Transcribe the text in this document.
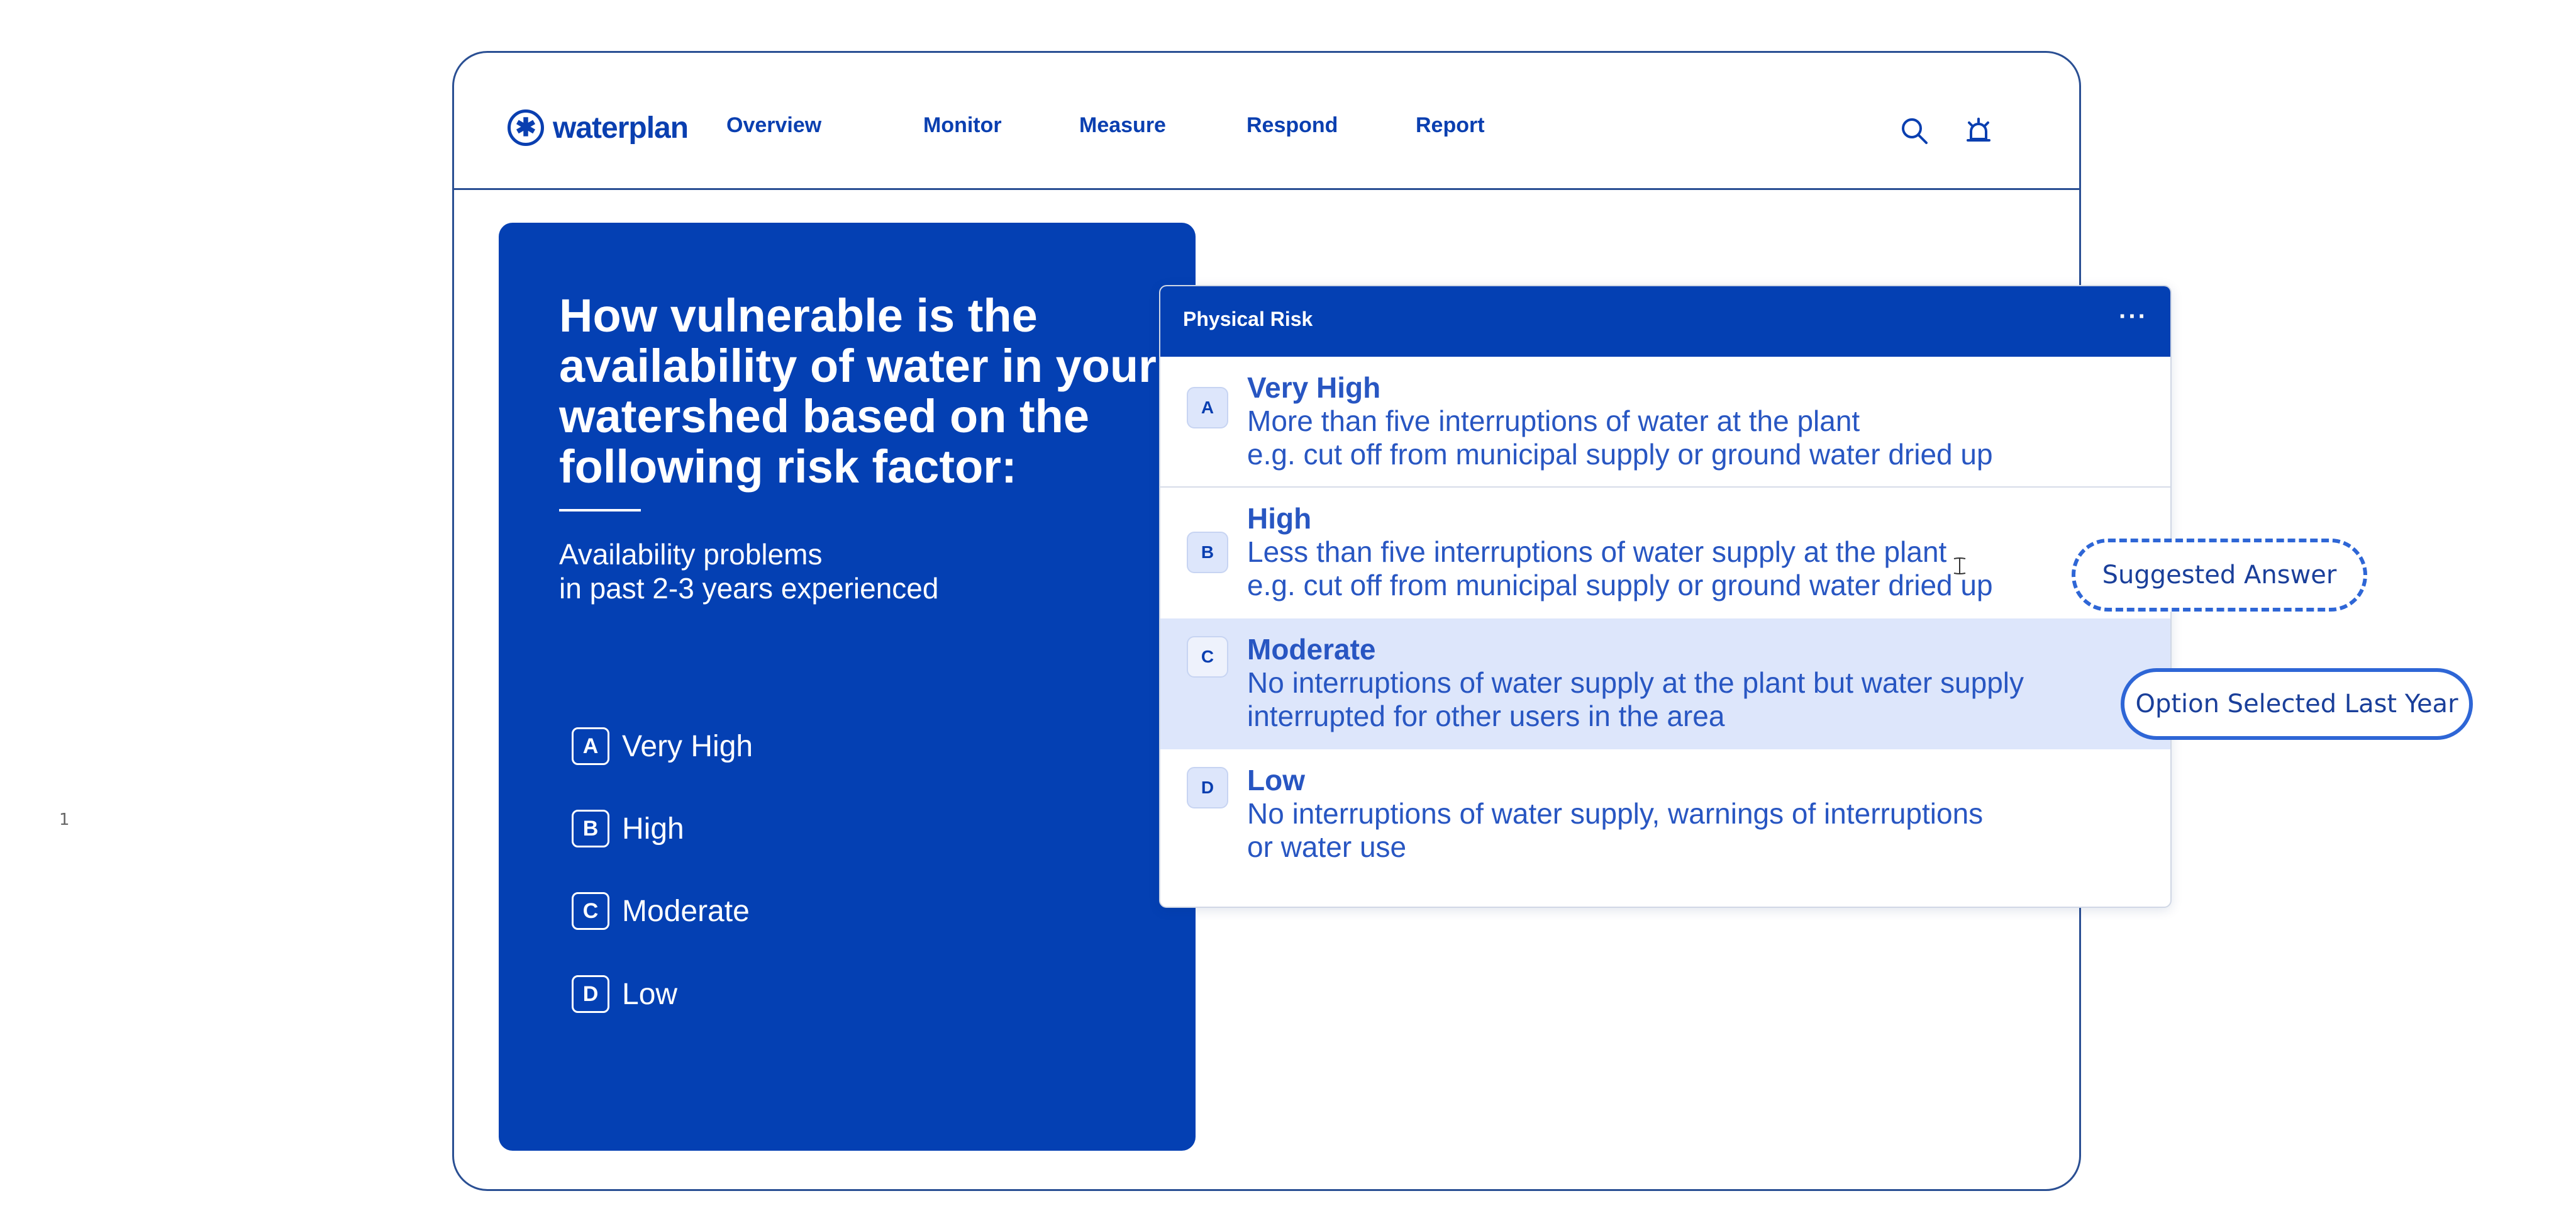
1
✱ waterplan Overview	Monitor	Measure	Respond	Report
How vulnerable is the availability of water in your watershed based on the following risk factor:
Availability problems
in past 2-3 years experienced
A Very High
B High
C Moderate
D Low
Physical Risk	···
A
Very High
More than five interruptions of water at the plant
e.g. cut off from municipal supply or ground water dried up
B
High
Less than five interruptions of water supply at the plant
e.g. cut off from municipal supply or ground water dried up
C	Moderate
No interruptions of water supply at the plant but water supply
interrupted for other users in the area
D	Low
No interruptions of water supply, warnings of interruptions
or water use
Suggested Answer
Option Selected Last Year
